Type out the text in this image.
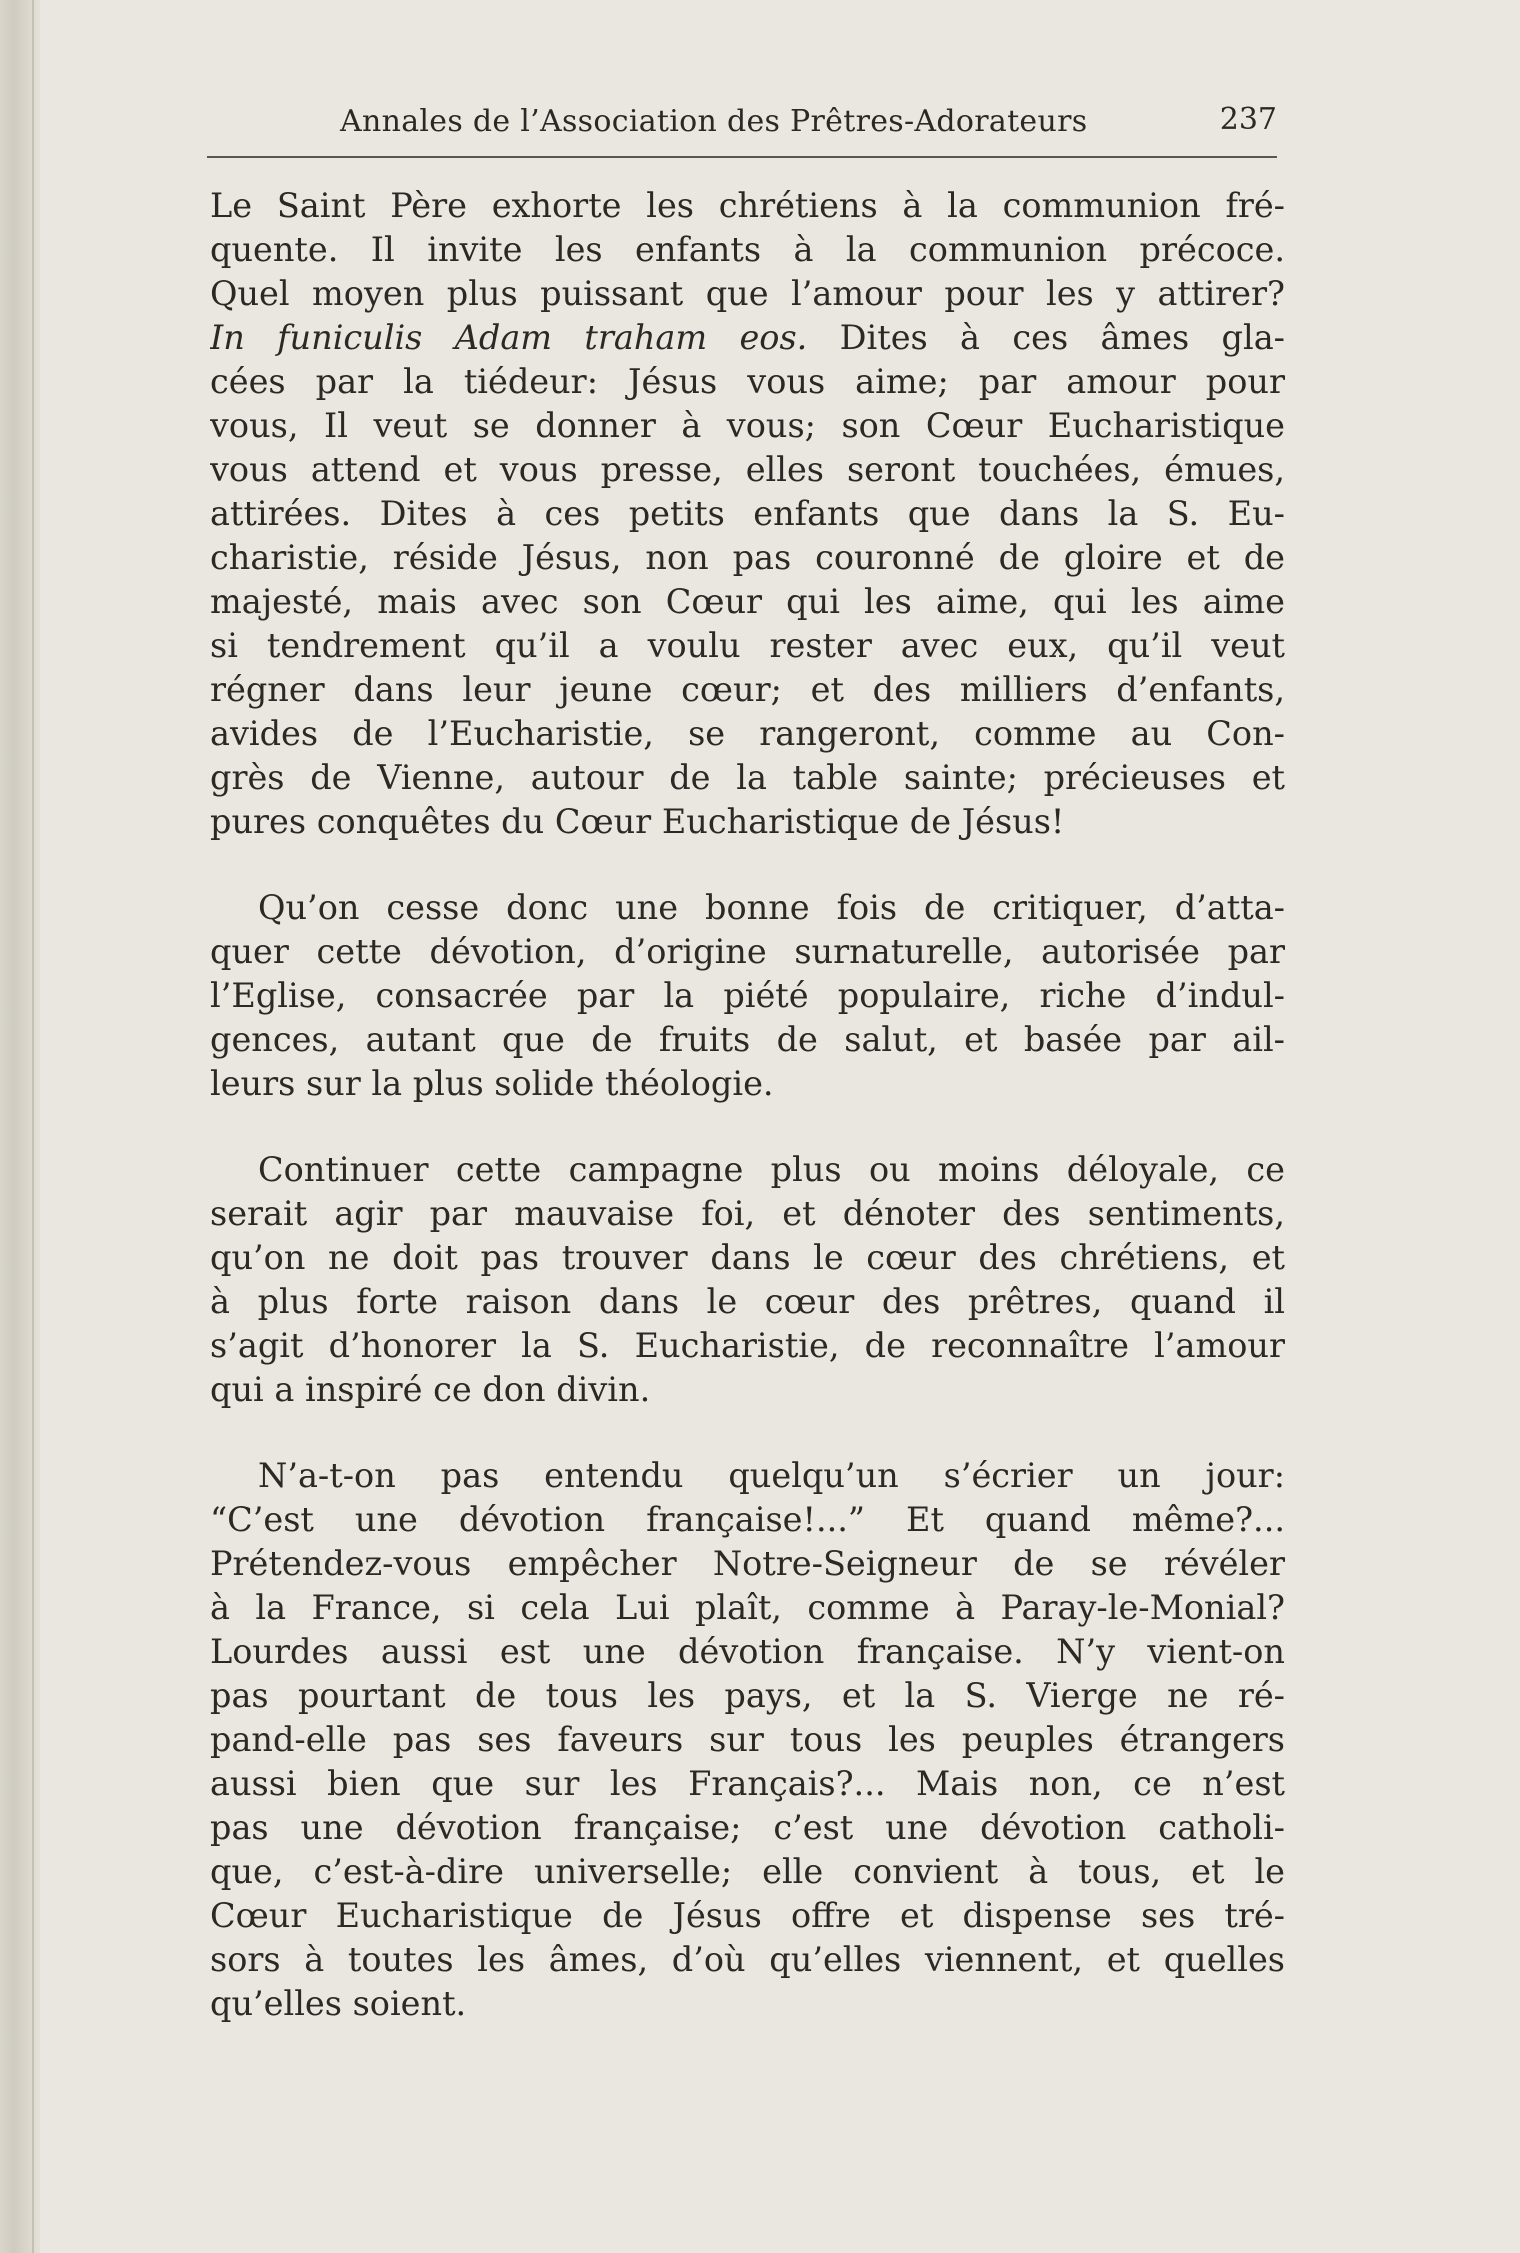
Annales de l’Association des Prêtres-Adorateurs	237
Le Saint Père exhorte les chrétiens à la communion fré-
quente. Il invite les enfants à la communion précoce.
Quel moyen plus puissant que l’amour pour les y attirer?
In funiculis Adam traham eos. Dites à ces âmes gla-
cées par la tiédeur: Jésus vous aime; par amour pour
vous, Il veut se donner à vous; son Cœur Eucharistique
vous attend et vous presse, elles seront touchées, émues,
attirées. Dites à ces petits enfants que dans la S. Eu-
charistie, réside Jésus, non pas couronné de gloire et de
majesté, mais avec son Cœur qui les aime, qui les aime
si tendrement qu’il a voulu rester avec eux, qu’il veut
régner dans leur jeune cœur; et des milliers d’enfants,
avides de l’Eucharistie, se rangeront, comme au Con-
grès de Vienne, autour de la table sainte; précieuses et
pures conquêtes du Cœur Eucharistique de Jésus!
Qu’on cesse donc une bonne fois de critiquer, d’atta-
quer cette dévotion, d’origine surnaturelle, autorisée par
l’Eglise, consacrée par la piété populaire, riche d’indul-
gences, autant que de fruits de salut, et basée par ail-
leurs sur la plus solide théologie.
Continuer cette campagne plus ou moins déloyale, ce
serait agir par mauvaise foi, et dénoter des sentiments,
qu’on ne doit pas trouver dans le cœur des chrétiens, et
à plus forte raison dans le cœur des prêtres, quand il
s’agit d’honorer la S. Eucharistie, de reconnaître l’amour
qui a inspiré ce don divin.
N’a-t-on pas entendu quelqu’un s’écrier un jour:
“C’est une dévotion française!...” Et quand même?...
Prétendez-vous empêcher Notre-Seigneur de se révéler
à la France, si cela Lui plaît, comme à Paray-le-Monial?
Lourdes aussi est une dévotion française. N’y vient-on
pas pourtant de tous les pays, et la S. Vierge ne ré-
pand-elle pas ses faveurs sur tous les peuples étrangers
aussi bien que sur les Français?... Mais non, ce n’est
pas une dévotion française; c’est une dévotion catholi-
que, c’est-à-dire universelle; elle convient à tous, et le
Cœur Eucharistique de Jésus offre et dispense ses tré-
sors à toutes les âmes, d’où qu’elles viennent, et quelles
qu’elles soient.
